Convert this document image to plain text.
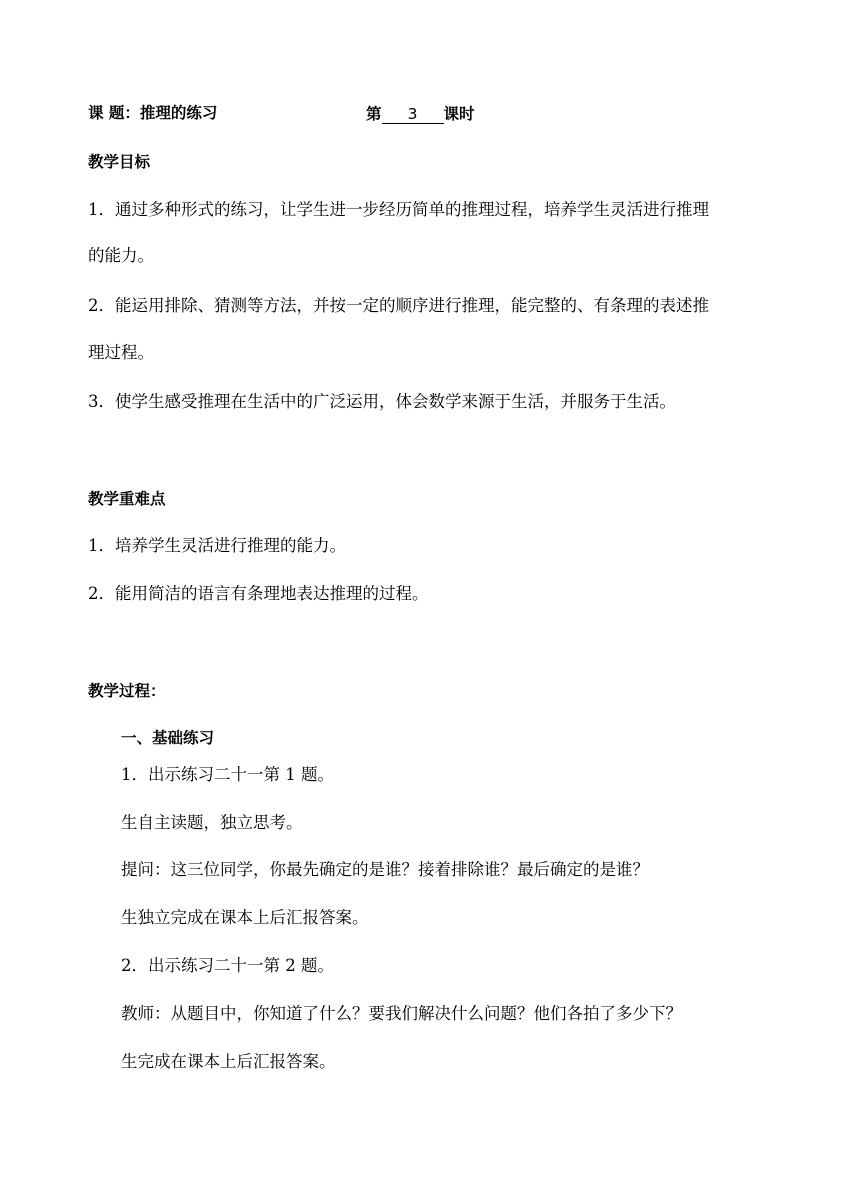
课 题：推理的练习	第 3 课时
教学目标
1．通过多种形式的练习，让学生进一步经历简单的推理过程，培养学生灵活进行推理
的能力。
2．能运用排除、猜测等方法，并按一定的顺序进行推理，能完整的、有条理的表述推
理过程。
3．使学生感受推理在生活中的广泛运用，体会数学来源于生活，并服务于生活。
教学重难点
1．培养学生灵活进行推理的能力。
2．能用简洁的语言有条理地表达推理的过程。
教学过程：
一、基础练习
1．出示练习二十一第 1 题。
生自主读题，独立思考。
提问：这三位同学，你最先确定的是谁？接着排除谁？最后确定的是谁？
生独立完成在课本上后汇报答案。
2．出示练习二十一第 2 题。
教师：从题目中，你知道了什么？要我们解决什么问题？他们各拍了多少下？
生完成在课本上后汇报答案。
